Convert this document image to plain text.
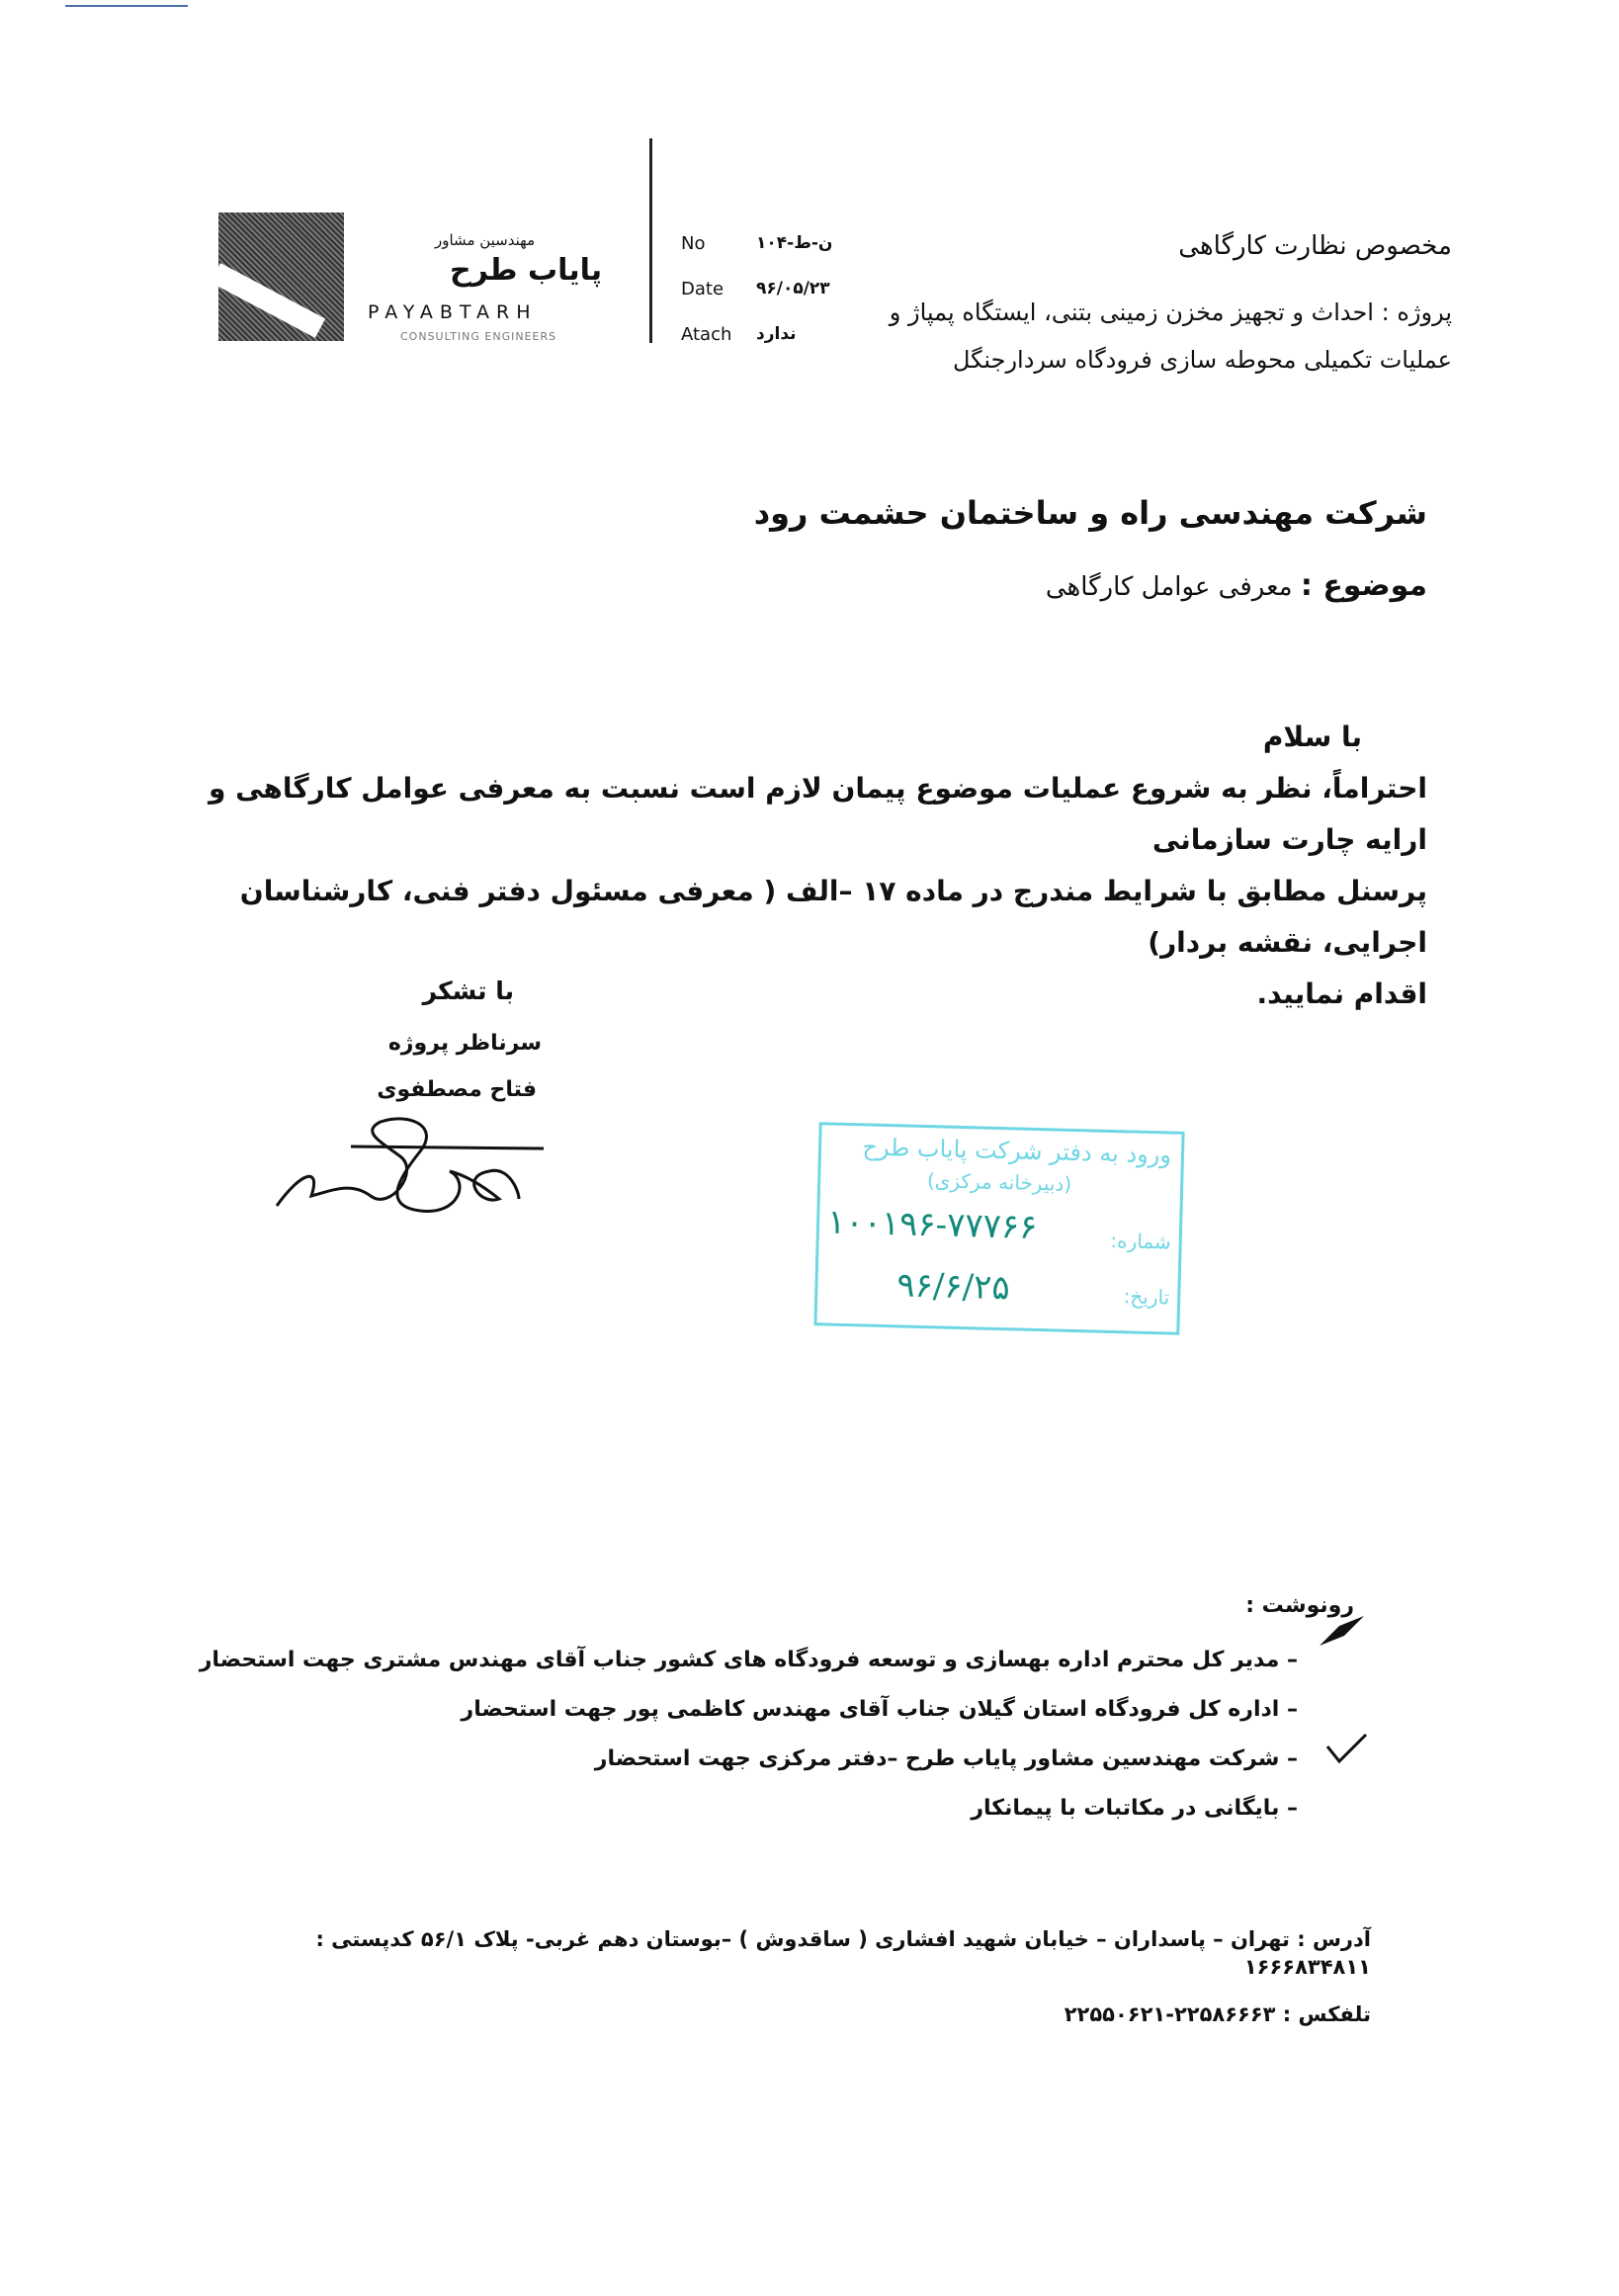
مهندسین مشاور
پایاب طرح
PAYABTARH
CONSULTING ENGINEERS
No	ن-ط-۱۰۴
Date ۹۶/۰۵/۲۳
Atach ندارد
مخصوص نظارت کارگاهی
پروژه : احداث و تجهیز مخزن زمینی بتنی، ایستگاه پمپاژ و
عملیات تکمیلی محوطه سازی فرودگاه سردارجنگل
شرکت مهندسی راه و ساختمان حشمت رود
موضوع : معرفی عوامل کارگاهی
با سلام
احتراماً، نظر به شروع عملیات موضوع پیمان لازم است نسبت به معرفی عوامل کارگاهی و ارایه چارت سازمانی
پرسنل مطابق با شرایط مندرج در ماده ۱۷ –الف ( معرفی مسئول دفتر فنی، کارشناسان اجرایی، نقشه بردار)
اقدام نمایید.
با تشکر
سرناظر پروژه
فتاح مصطفوی
ورود به دفتر شرکت پایاب طرح
(دبیرخانه مرکزی)
شماره:
۱۰۰۱۹۶-۷۷۷۶۶
تاریخ:
۹۶/۶/۲۵
رونوشت :
– مدیر کل محترم اداره بهسازی و توسعه فرودگاه های کشور جناب آقای مهندس مشتری جهت استحضار
– اداره کل فرودگاه استان گیلان جناب آقای مهندس کاظمی پور جهت استحضار
– شرکت مهندسین مشاور پایاب طرح –دفتر مرکزی جهت استحضار
– بایگانی در مکاتبات با پیمانکار
آدرس : تهران – پاسداران – خیابان شهید افشاری ( ساقدوش ) –بوستان دهم غربی- پلاک ۵۶/۱ کدپستی : ۱۶۶۶۸۳۴۸۱۱
تلفکس : ۲۲۵۸۶۶۶۳-۲۲۵۵۰۶۲۱
